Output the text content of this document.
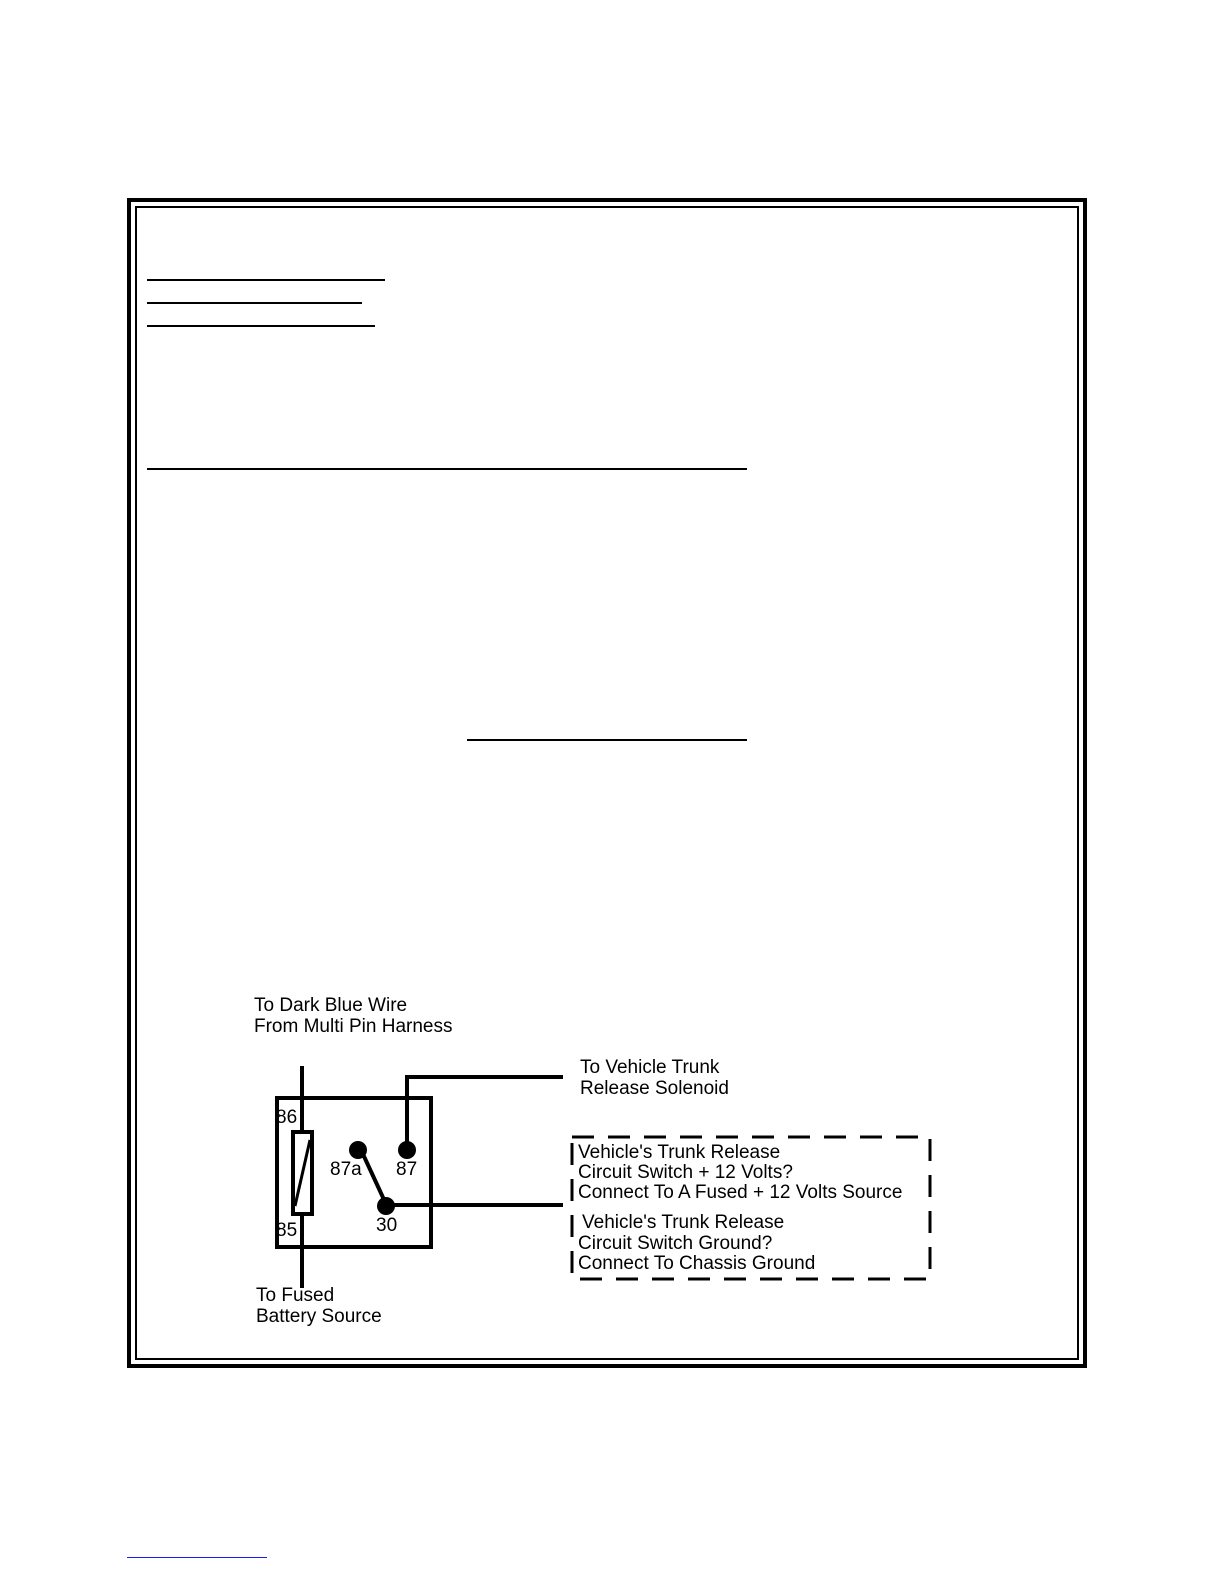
To Dark Blue Wire
From Multi Pin Harness
To Vehicle Trunk
Release Solenoid
To Fused
Battery Source
86
85
87a 87
30
Vehicle's Trunk Release
Circuit Switch + 12 Volts?
Connect To A Fused + 12 Volts Source
Vehicle's Trunk Release
Circuit Switch Ground?
Connect To Chassis Ground
